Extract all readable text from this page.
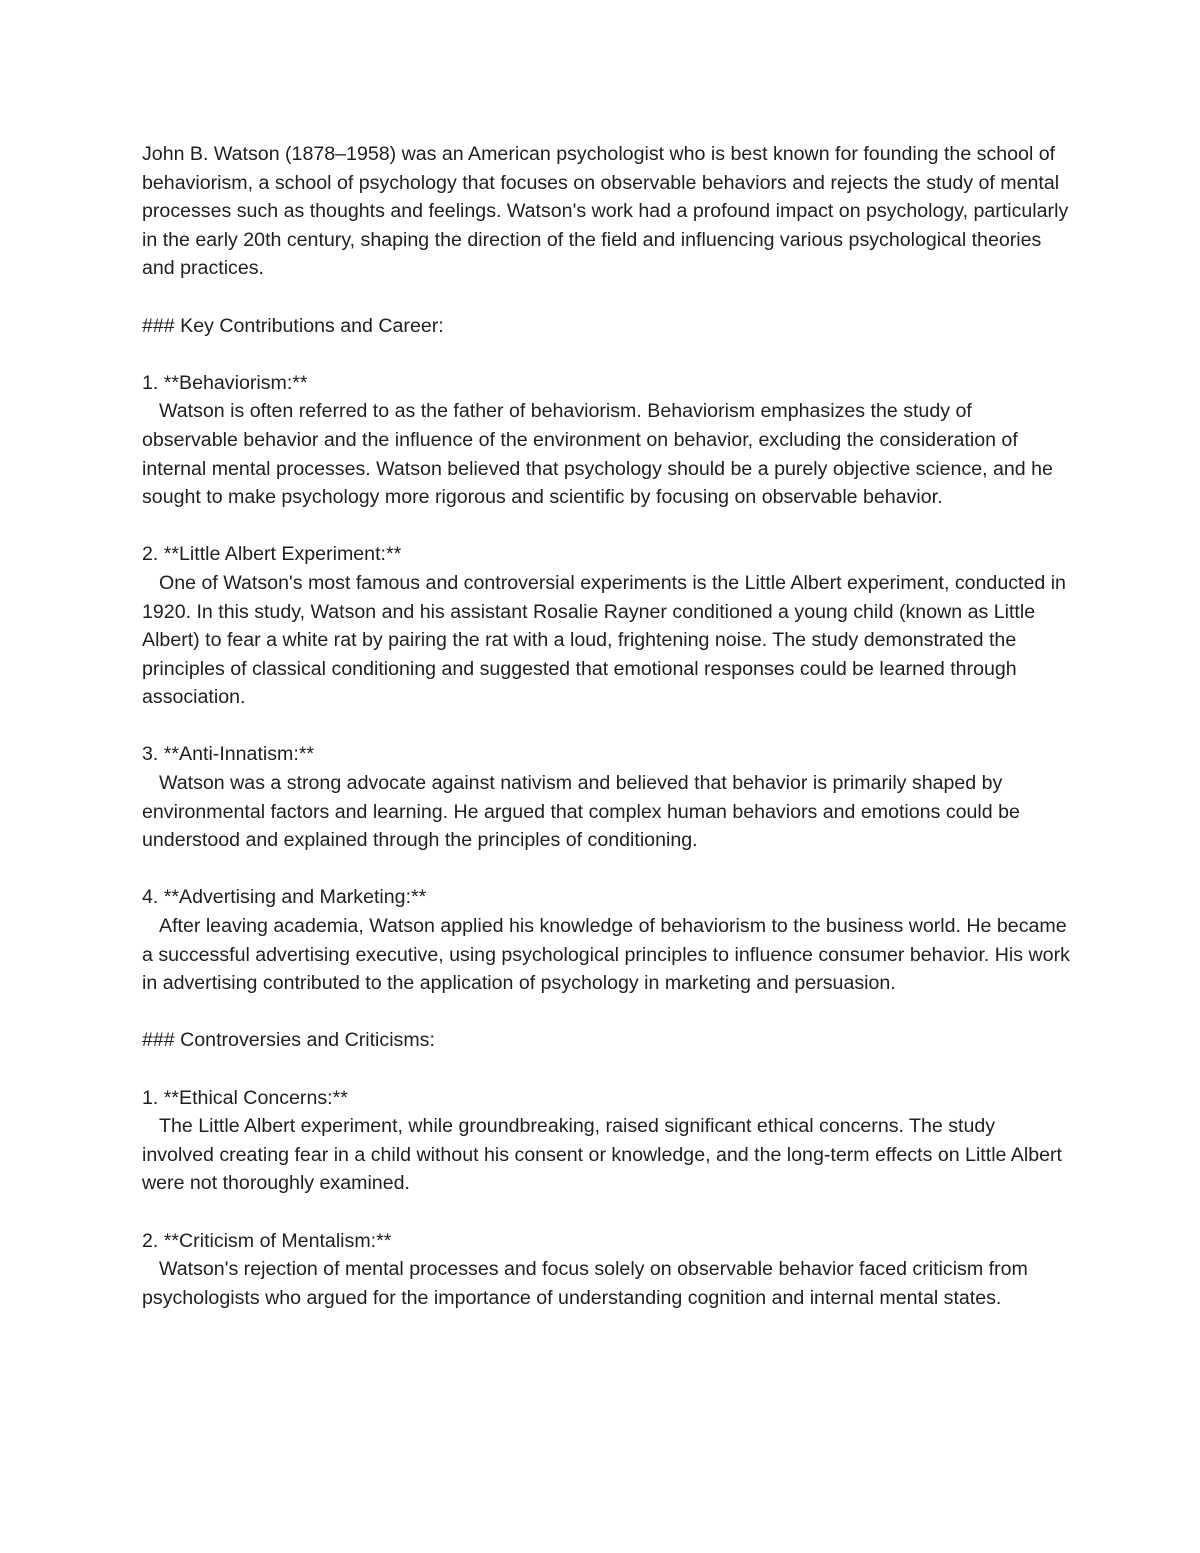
John B. Watson (1878–1958) was an American psychologist who is best known for founding the school of behaviorism, a school of psychology that focuses on observable behaviors and rejects the study of mental processes such as thoughts and feelings. Watson's work had a profound impact on psychology, particularly in the early 20th century, shaping the direction of the field and influencing various psychological theories and practices.

### Key Contributions and Career:

1. **Behaviorism:**

Watson is often referred to as the father of behaviorism. Behaviorism emphasizes the study of observable behavior and the influence of the environment on behavior, excluding the consideration of internal mental processes. Watson believed that psychology should be a purely objective science, and he sought to make psychology more rigorous and scientific by focusing on observable behavior.

2. **Little Albert Experiment:**

One of Watson's most famous and controversial experiments is the Little Albert experiment, conducted in 1920. In this study, Watson and his assistant Rosalie Rayner conditioned a young child (known as Little Albert) to fear a white rat by pairing the rat with a loud, frightening noise. The study demonstrated the principles of classical conditioning and suggested that emotional responses could be learned through association.

3. **Anti-Innatism:**

Watson was a strong advocate against nativism and believed that behavior is primarily shaped by environmental factors and learning. He argued that complex human behaviors and emotions could be understood and explained through the principles of conditioning.

4. **Advertising and Marketing:**

After leaving academia, Watson applied his knowledge of behaviorism to the business world. He became a successful advertising executive, using psychological principles to influence consumer behavior. His work in advertising contributed to the application of psychology in marketing and persuasion.

### Controversies and Criticisms:

1. **Ethical Concerns:**

The Little Albert experiment, while groundbreaking, raised significant ethical concerns. The study involved creating fear in a child without his consent or knowledge, and the long-term effects on Little Albert were not thoroughly examined.

2. **Criticism of Mentalism:**

Watson's rejection of mental processes and focus solely on observable behavior faced criticism from psychologists who argued for the importance of understanding cognition and internal mental states.
